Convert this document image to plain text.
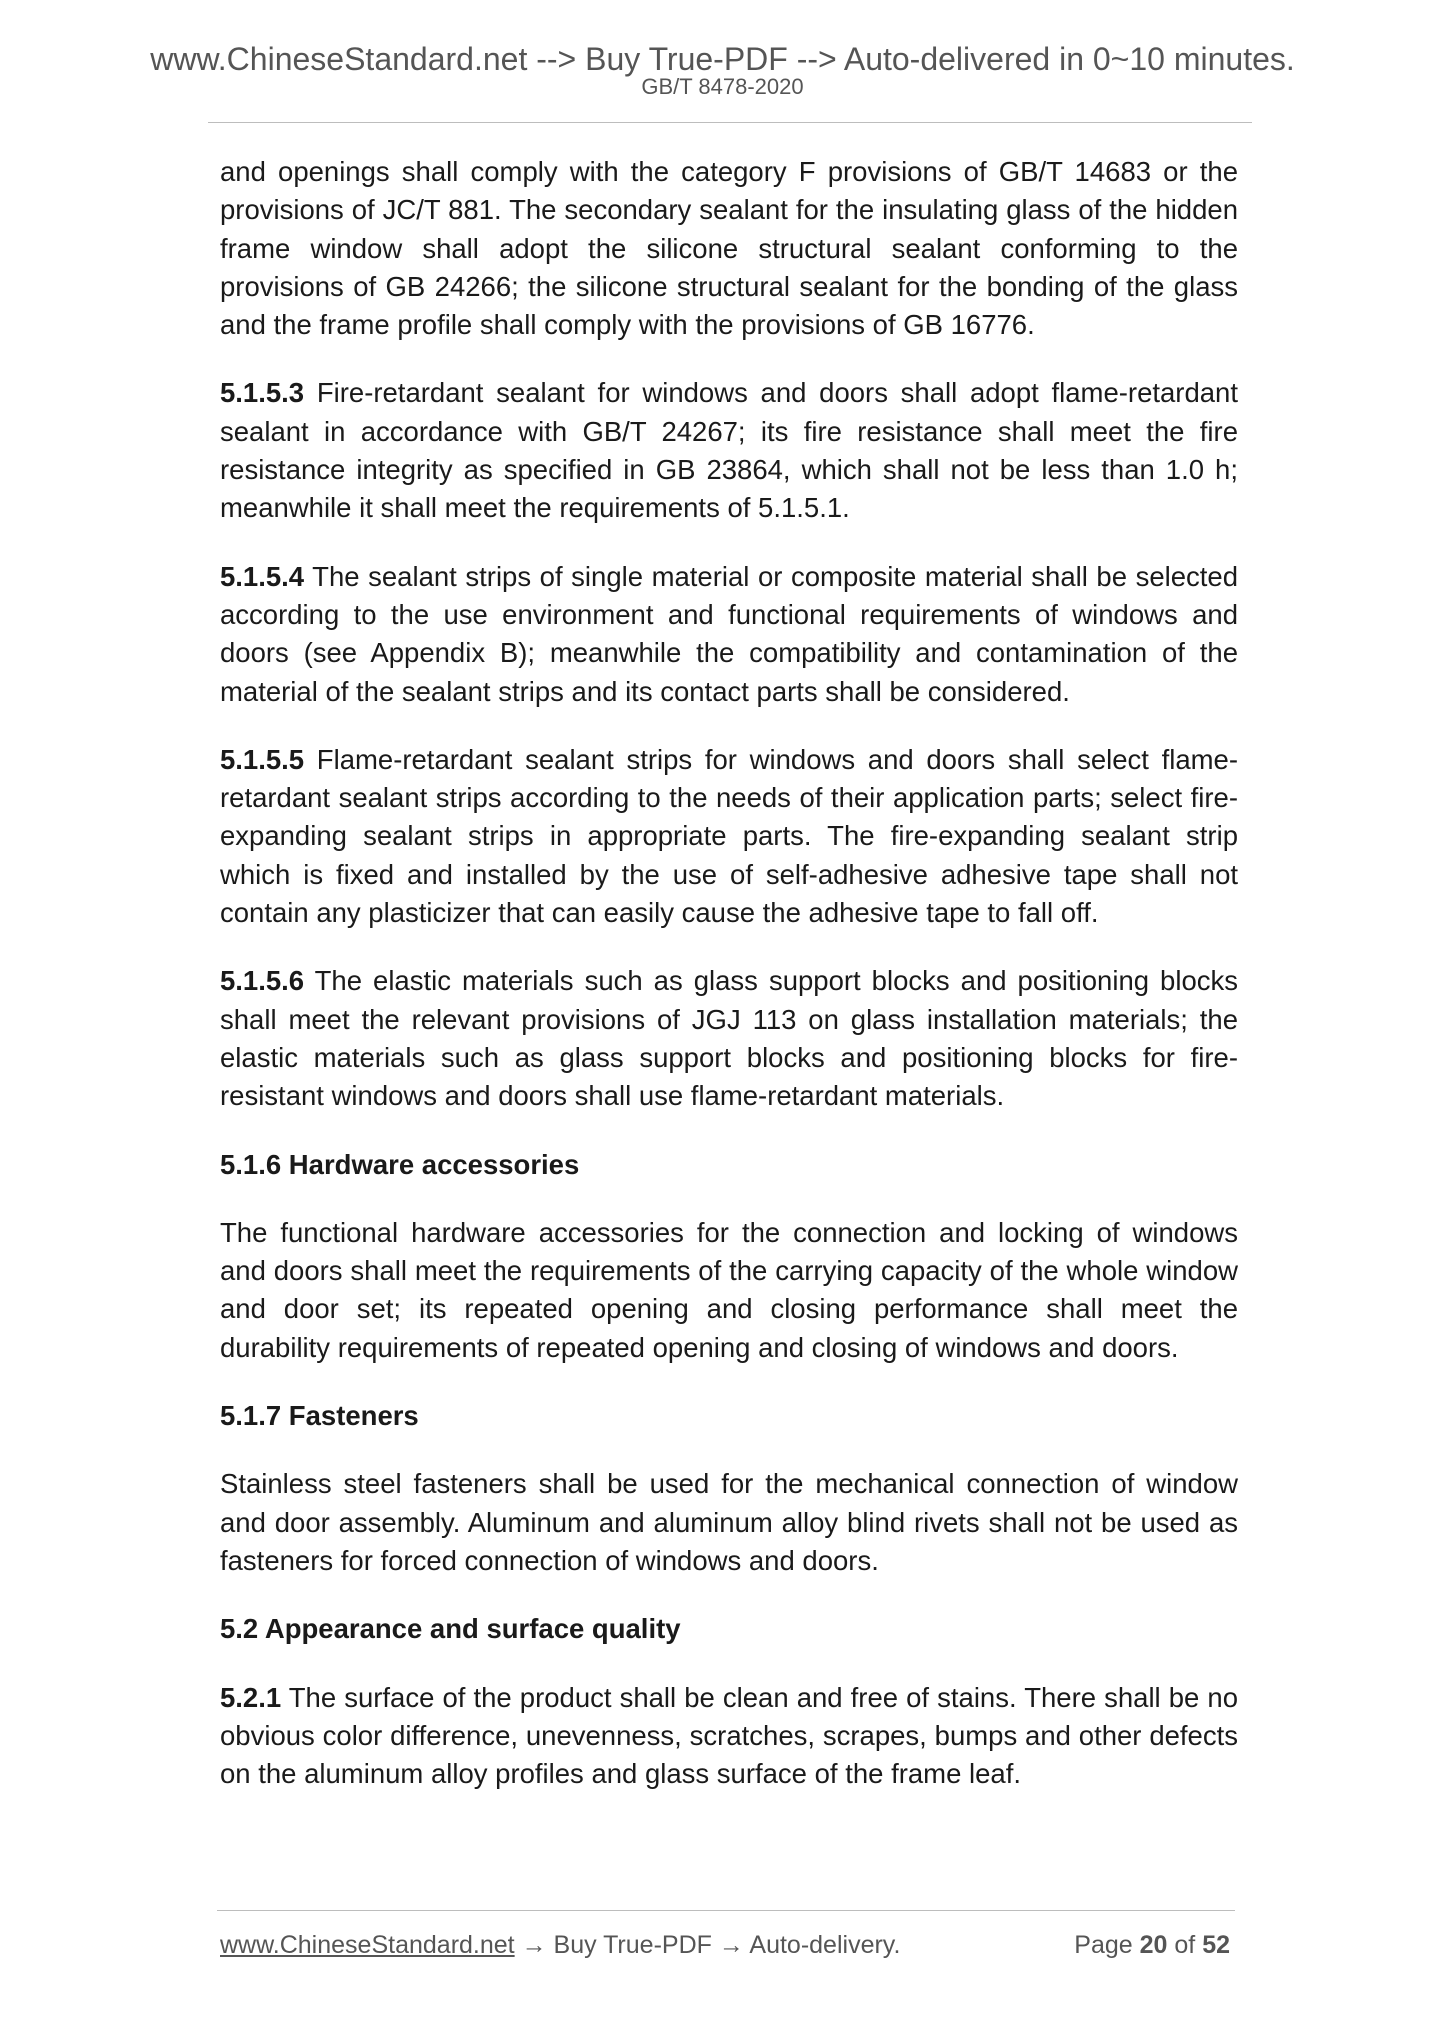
www.ChineseStandard.net --> Buy True-PDF --> Auto-delivered in 0~10 minutes.
GB/T 8478-2020

and openings shall comply with the category F provisions of GB/T 14683 or the provisions of JC/T 881. The secondary sealant for the insulating glass of the hidden frame window shall adopt the silicone structural sealant conforming to the provisions of GB 24266; the silicone structural sealant for the bonding of the glass and the frame profile shall comply with the provisions of GB 16776.

5.1.5.3 Fire-retardant sealant for windows and doors shall adopt flame-retardant sealant in accordance with GB/T 24267; its fire resistance shall meet the fire resistance integrity as specified in GB 23864, which shall not be less than 1.0 h; meanwhile it shall meet the requirements of 5.1.5.1.

5.1.5.4 The sealant strips of single material or composite material shall be selected according to the use environment and functional requirements of windows and doors (see Appendix B); meanwhile the compatibility and contamination of the material of the sealant strips and its contact parts shall be considered.

5.1.5.5 Flame-retardant sealant strips for windows and doors shall select flame-retardant sealant strips according to the needs of their application parts; select fire-expanding sealant strips in appropriate parts. The fire-expanding sealant strip which is fixed and installed by the use of self-adhesive adhesive tape shall not contain any plasticizer that can easily cause the adhesive tape to fall off.

5.1.5.6 The elastic materials such as glass support blocks and positioning blocks shall meet the relevant provisions of JGJ 113 on glass installation materials; the elastic materials such as glass support blocks and positioning blocks for fire-resistant windows and doors shall use flame-retardant materials.

5.1.6 Hardware accessories

The functional hardware accessories for the connection and locking of windows and doors shall meet the requirements of the carrying capacity of the whole window and door set; its repeated opening and closing performance shall meet the durability requirements of repeated opening and closing of windows and doors.

5.1.7 Fasteners

Stainless steel fasteners shall be used for the mechanical connection of window and door assembly. Aluminum and aluminum alloy blind rivets shall not be used as fasteners for forced connection of windows and doors.

5.2 Appearance and surface quality

5.2.1 The surface of the product shall be clean and free of stains. There shall be no obvious color difference, unevenness, scratches, scrapes, bumps and other defects on the aluminum alloy profiles and glass surface of the frame leaf.

www.ChineseStandard.net → Buy True-PDF → Auto-delivery.	Page 20 of 52
